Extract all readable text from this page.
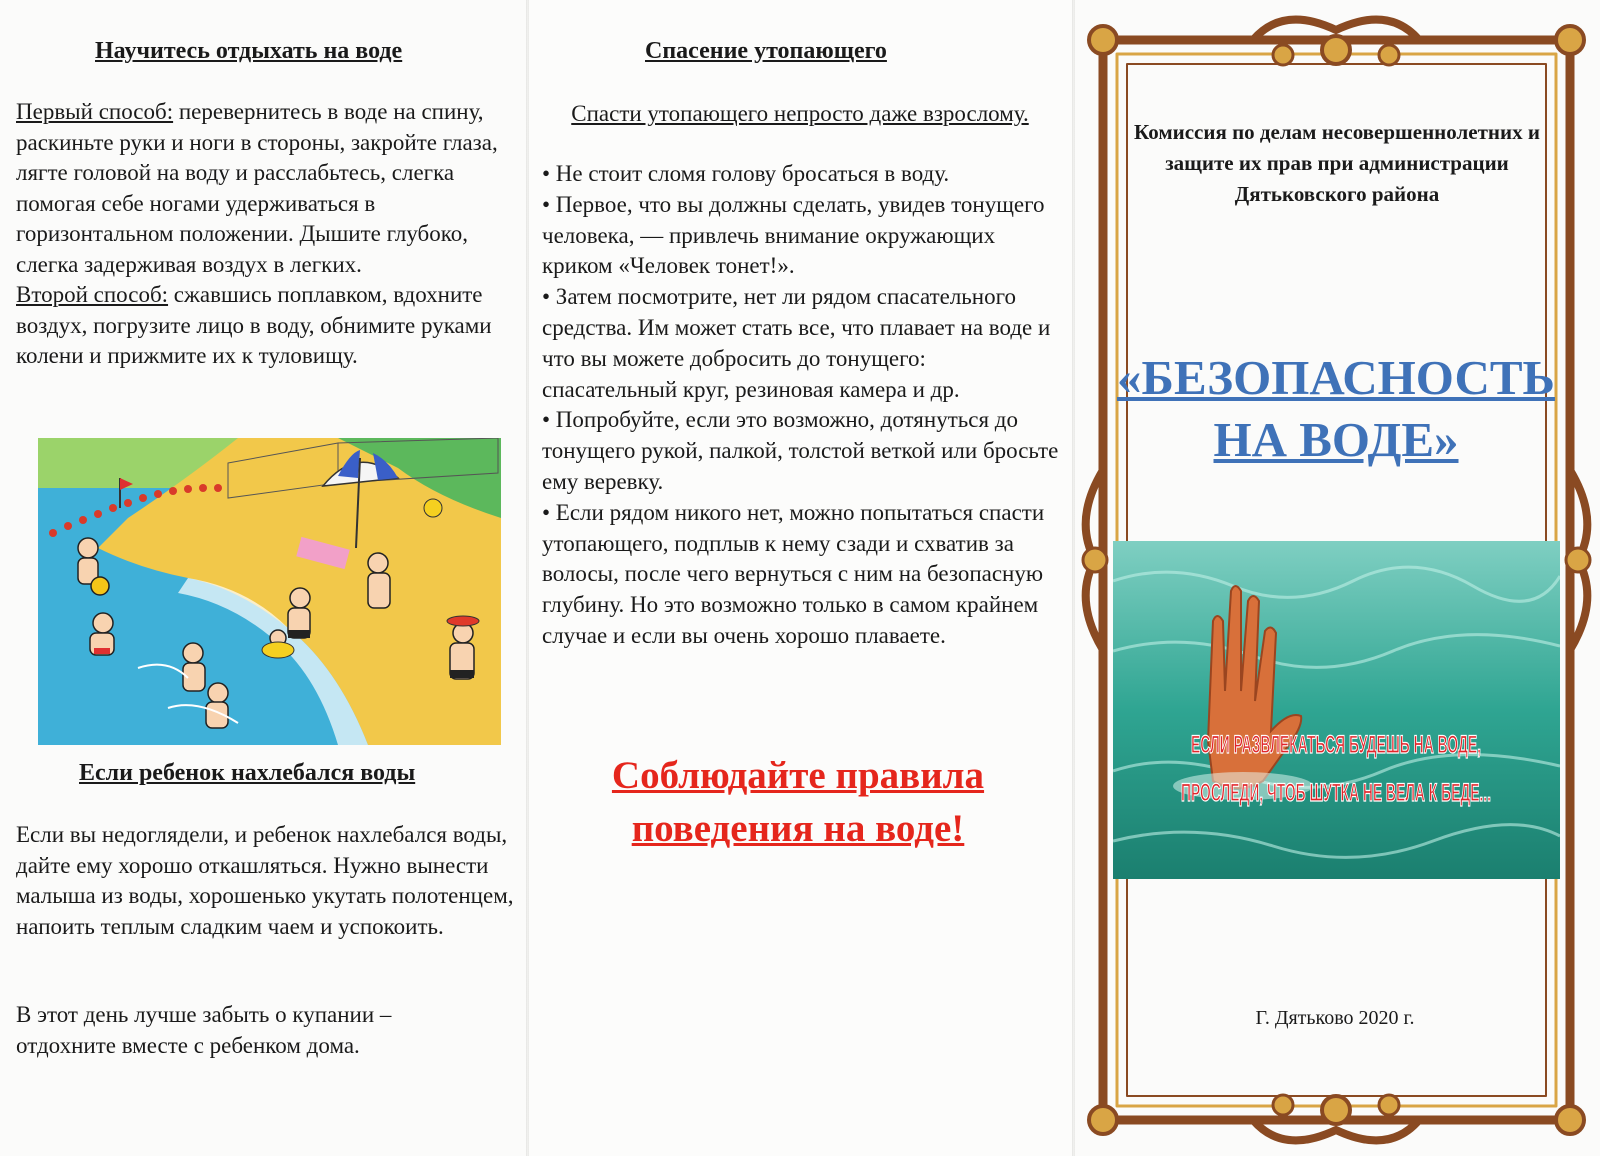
Научитесь отдыхать на воде

Первый способ: перевернитесь в воде на спину, раскиньте руки и ноги в стороны, закройте глаза, лягте головой на воду и расслабьтесь, слегка помогая себе ногами удерживаться в горизонтальном положении. Дышите глубоко, слегка задерживая воздух в легких.

Второй способ: сжавшись поплавком, вдохните воздух, погрузите лицо в воду, обнимите руками колени и прижмите их к туловищу.

Если ребенок нахлебался воды

Если вы недоглядели, и ребенок нахлебался воды, дайте ему хорошо откашляться. Нужно вынести малыша из воды, хорошенько укутать полотенцем, напоить теплым сладким чаем и успокоить.

В этот день лучше забыть о купании – отдохните вместе с ребенком дома.

Спасение утопающего
Спасти утопающего непросто даже взрослому.

• Не стоит сломя голову бросаться в воду.

• Первое, что вы должны сделать, увидев тонущего человека, — привлечь внимание окружающих криком «Человек тонет!».

• Затем посмотрите, нет ли рядом спасательного средства. Им может стать все, что плавает на воде и что вы можете добросить до тонущего: спасательный круг, резиновая камера и др.

• Попробуйте, если это возможно, дотянуться до тонущего рукой, палкой, толстой веткой или бросьте ему веревку.

• Если рядом никого нет, можно попытаться спасти утопающего, подплыв к нему сзади и схватив за волосы, после чего вернуться с ним на безопасную глубину. Но это возможно только в самом крайнем случае и если вы очень хорошо плаваете.

Соблюдайте правила
поведения на воде!
Комиссия по делам несовершеннолетних и защите их прав при администрации Дятьковского района
«БЕЗОПАСНОСТЬ
НА ВОДЕ»
ЕСЛИ РАЗВЛЕКАТЬСЯ БУДЕШЬ НА ВОДЕ,
ПРОСЛЕДИ, ЧТОБ ШУТКА НЕ ВЕЛА К БЕДЕ...
Г. Дятьково 2020 г.
